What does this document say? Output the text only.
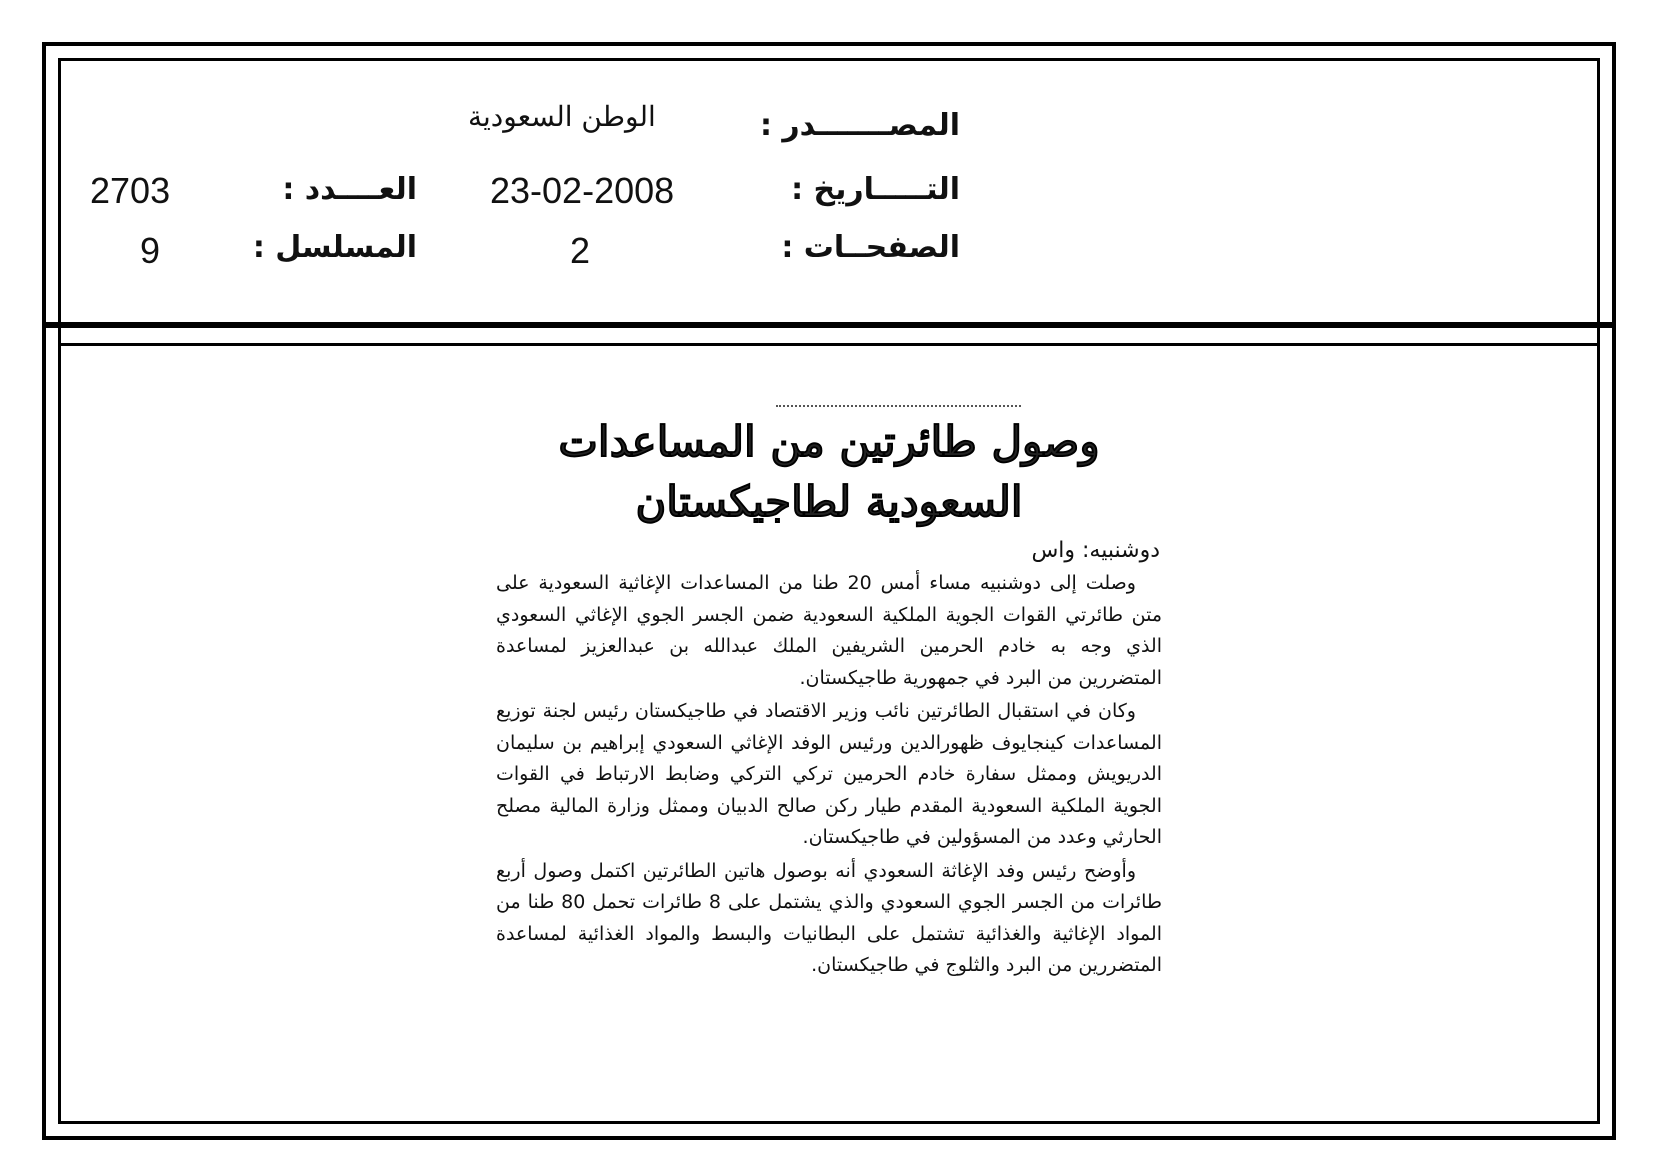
المصـــــــدر :
الوطن السعودية
التـــــاريخ :
23-02-2008
العــــدد :
2703
الصفحــات :
2
المسلسل :
9
وصول طائرتين من المساعدات السعودية لطاجيكستان
دوشنبيه: واس

وصلت إلى دوشنبيه مساء أمس 20 طنا من المساعدات الإغاثية السعودية على متن طائرتي القوات الجوية الملكية السعودية ضمن الجسر الجوي الإغاثي السعودي الذي وجه به خادم الحرمين الشريفين الملك عبدالله بن عبدالعزيز لمساعدة المتضررين من البرد في جمهورية طاجيكستان.

وكان في استقبال الطائرتين نائب وزير الاقتصاد في طاجيكستان رئيس لجنة توزيع المساعدات كينجايوف ظهورالدين ورئيس الوفد الإغاثي السعودي إبراهيم بن سليمان الدريويش وممثل سفارة خادم الحرمين تركي التركي وضابط الارتباط في القوات الجوية الملكية السعودية المقدم طيار ركن صالح الدبيان وممثل وزارة المالية مصلح الحارثي وعدد من المسؤولين في طاجيكستان.

وأوضح رئيس وفد الإغاثة السعودي أنه بوصول هاتين الطائرتين اكتمل وصول أربع طائرات من الجسر الجوي السعودي والذي يشتمل على 8 طائرات تحمل 80 طنا من المواد الإغاثية والغذائية تشتمل على البطانيات والبسط والمواد الغذائية لمساعدة المتضررين من البرد والثلوج في طاجيكستان.
